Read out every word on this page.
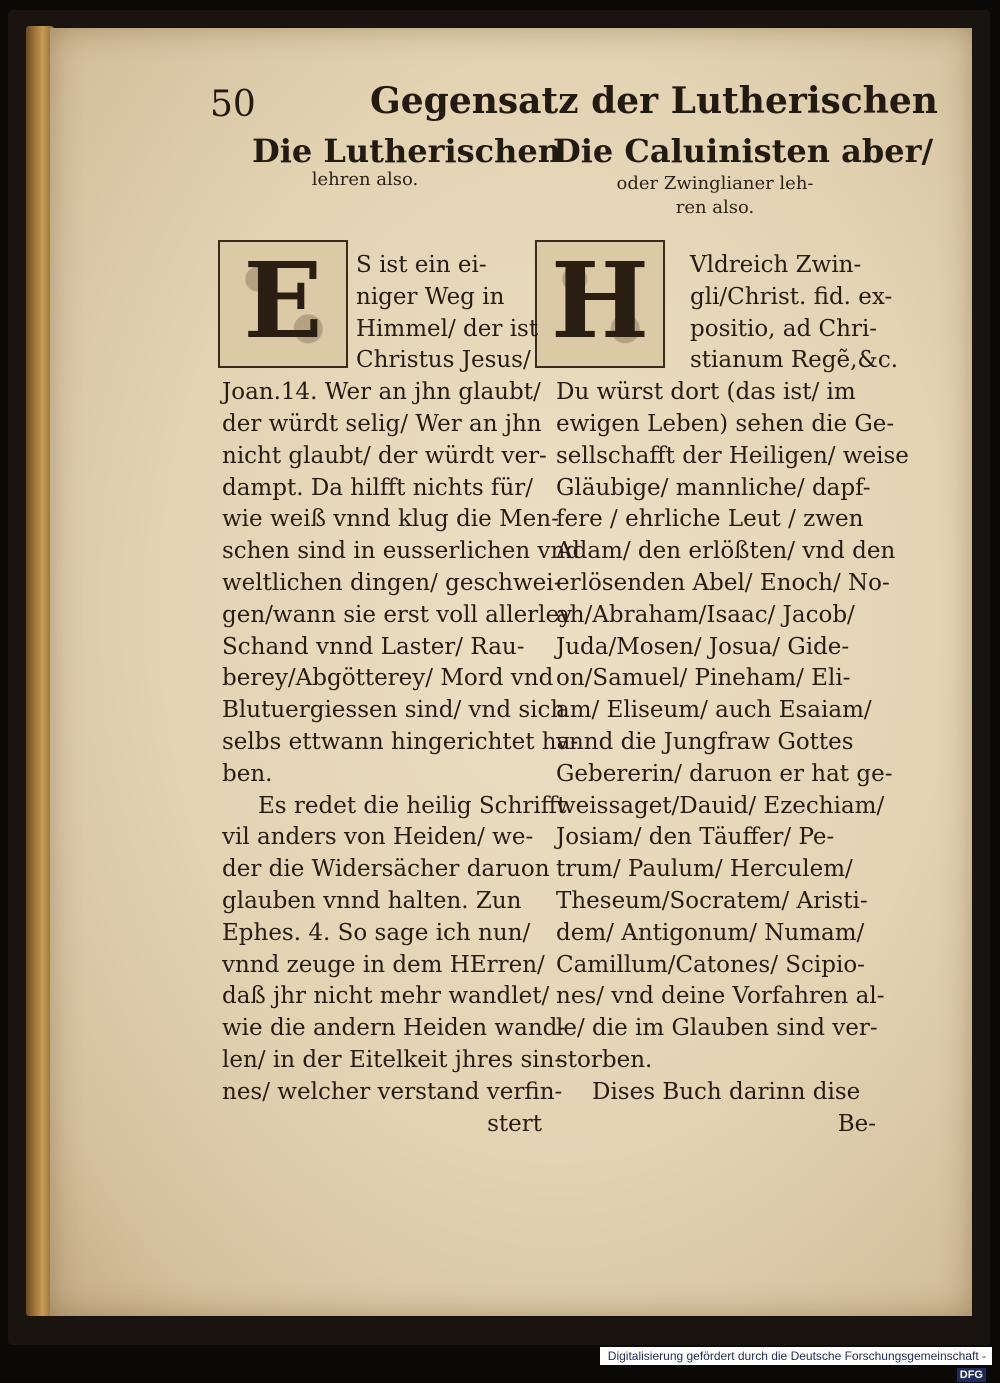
50	Gegensatz der Lutherischen
Die Lutherischen
lehren also.
Die Caluinisten aber/
oder Zwinglianer leh-
ren also.
E H
S ist ein ei-
niger Weg in
Himmel/ der ist
Christus Jesus/
Joan.14. Wer an jhn glaubt/
der würdt selig/ Wer an jhn
nicht glaubt/ der würdt ver-
dampt. Da hilfft nichts für/
wie weiß vnnd klug die Men-
schen sind in eusserlichen vnd
weltlichen dingen/ geschwei-
gen/wann sie erst voll allerley
Schand vnnd Laster/ Rau-
berey/Abgötterey/ Mord vnd
Blutuergiessen sind/ vnd sich
selbs ettwann hingerichtet ha-
ben.
Es redet die heilig Schrifft
vil anders von Heiden/ we-
der die Widersächer daruon
glauben vnnd halten. Zun
Ephes. 4. So sage ich nun/
vnnd zeuge in dem HErren/
daß jhr nicht mehr wandlet/
wie die andern Heiden wand-
len/ in der Eitelkeit jhres sin-
nes/ welcher verstand verfin-
stert
Vldreich Zwin-
gli/Christ. fid. ex-
positio, ad Chri-
stianum Regẽ,&c.
Du würst dort (das ist/ im
ewigen Leben) sehen die Ge-
sellschafft der Heiligen/ weise
Gläubige/ mannliche/ dapf-
fere / ehrliche Leut / zwen
Adam/ den erlößten/ vnd den
erlösenden Abel/ Enoch/ No-
ah/Abraham/Isaac/ Jacob/
Juda/Mosen/ Josua/ Gide-
on/Samuel/ Pineham/ Eli-
am/ Eliseum/ auch Esaiam/
vnnd die Jungfraw Gottes
Gebererin/ daruon er hat ge-
weissaget/Dauid/ Ezechiam/
Josiam/ den Täuffer/ Pe-
trum/ Paulum/ Herculem/
Theseum/Socratem/ Aristi-
dem/ Antigonum/ Numam/
Camillum/Catones/ Scipio-
nes/ vnd deine Vorfahren al-
le/ die im Glauben sind ver-
storben.
Dises Buch darinn dise
Be-
Digitalisierung gefördert durch die Deutsche Forschungsgemeinschaft -DFG
